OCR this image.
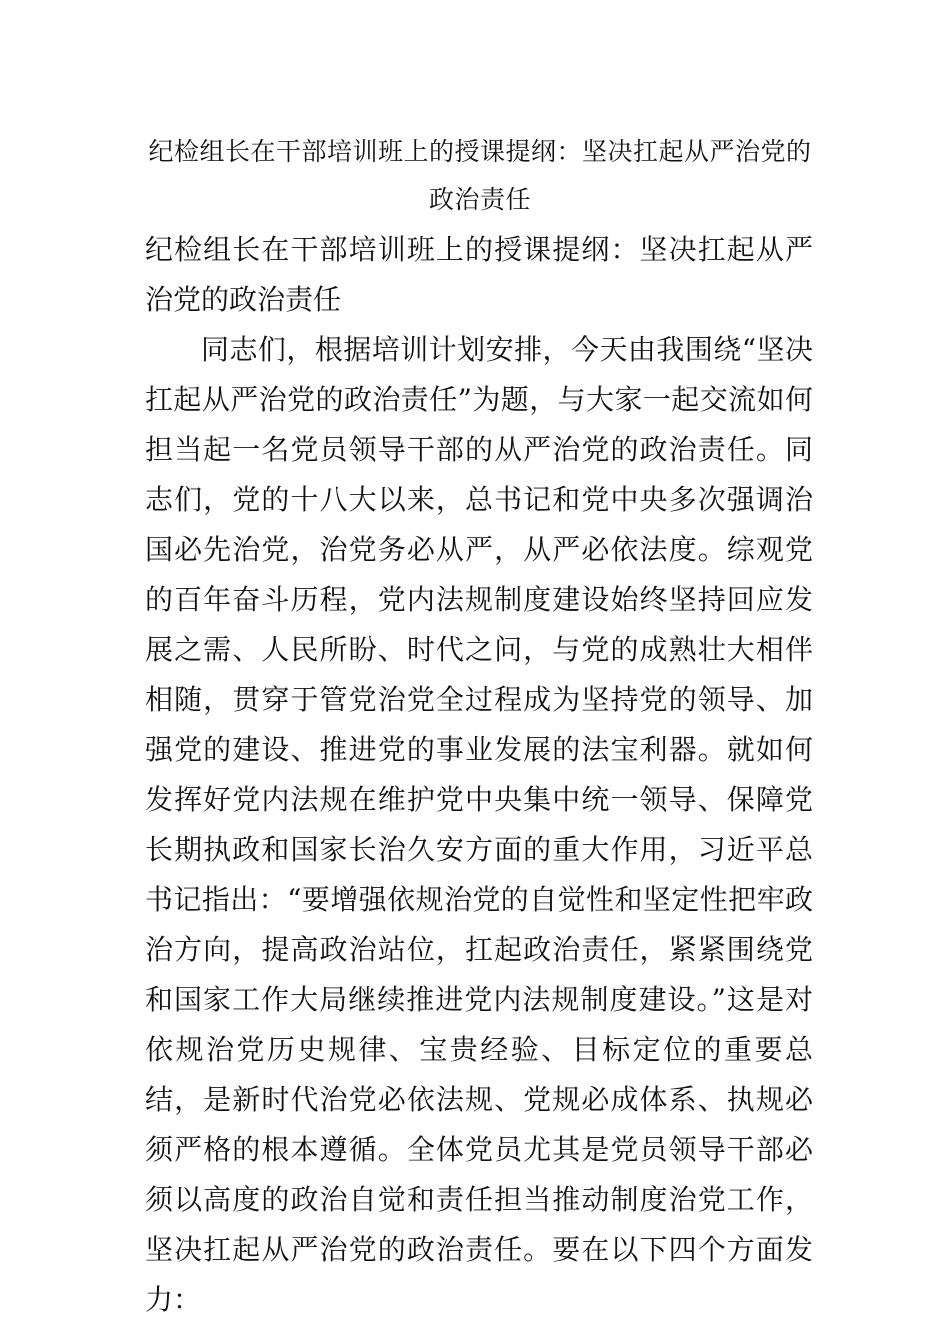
纪检组长在干部培训班上的授课提纲：坚决扛起从严治党的政治责任

纪检组长在干部培训班上的授课提纲：坚决扛起从严治党的政治责任

同志们，根据培训计划安排，今天由我围绕“坚决扛起从严治党的政治责任”为题，与大家一起交流如何担当起一名党员领导干部的从严治党的政治责任。同志们，党的十八大以来，总书记和党中央多次强调治国必先治党，治党务必从严，从严必依法度。综观党的百年奋斗历程，党内法规制度建设始终坚持回应发展之需、人民所盼、时代之问，与党的成熟壮大相伴相随，贯穿于管党治党全过程成为坚持党的领导、加强党的建设、推进党的事业发展的法宝利器。就如何发挥好党内法规在维护党中央集中统一领导、保障党长期执政和国家长治久安方面的重大作用，习近平总书记指出：“要增强依规治党的自觉性和坚定性把牢政治方向，提高政治站位，扛起政治责任，紧紧围绕党和国家工作大局继续推进党内法规制度建设。”这是对依规治党历史规律、宝贵经验、目标定位的重要总结，是新时代治党必依法规、党规必成体系、执规必须严格的根本遵循。全体党员尤其是党员领导干部必须以高度的政治自觉和责任担当推动制度治党工作，坚决扛起从严治党的政治责任。要在以下四个方面发力：
